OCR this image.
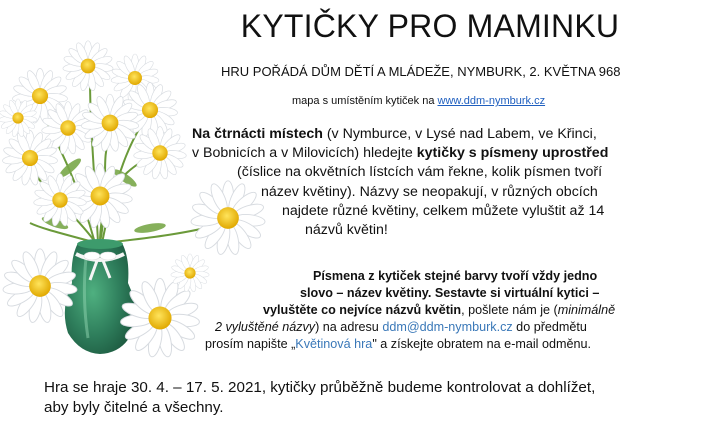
KYTIČKY PRO MAMINKU
HRU POŘÁDÁ DŮM DĚTÍ A MLÁDEŽE, NYMBURK, 2. KVĚTNA 968
mapa s umístěním kytiček na www.ddm-nymburk.cz
Na čtrnácti místech (v Nymburce, v Lysé nad Labem, ve Křinci,
v Bobnicích a v Milovicích) hledejte kytičky s písmeny uprostřed
(číslice na okvětních lístcích vám řekne, kolik písmen tvoří
název květiny). Názvy se neopakují, v různých obcích
najdete různé květiny, celkem můžete vyluštit až 14
názvů květin!
Písmena z kytiček stejné barvy tvoří vždy jedno
slovo – název květiny. Sestavte si virtuální kytici –
vyluštěte co nejvíce názvů květin, pošlete nám je (minimálně
2 vyluštěné názvy) na adresu ddm@ddm-nymburk.cz do předmětu
prosím napište „Květinová hra" a získejte obratem na e-mail odměnu.
Hra se hraje 30. 4. – 17. 5. 2021, kytičky průběžně budeme kontrolovat a dohlížet,
aby byly čitelné a všechny.
